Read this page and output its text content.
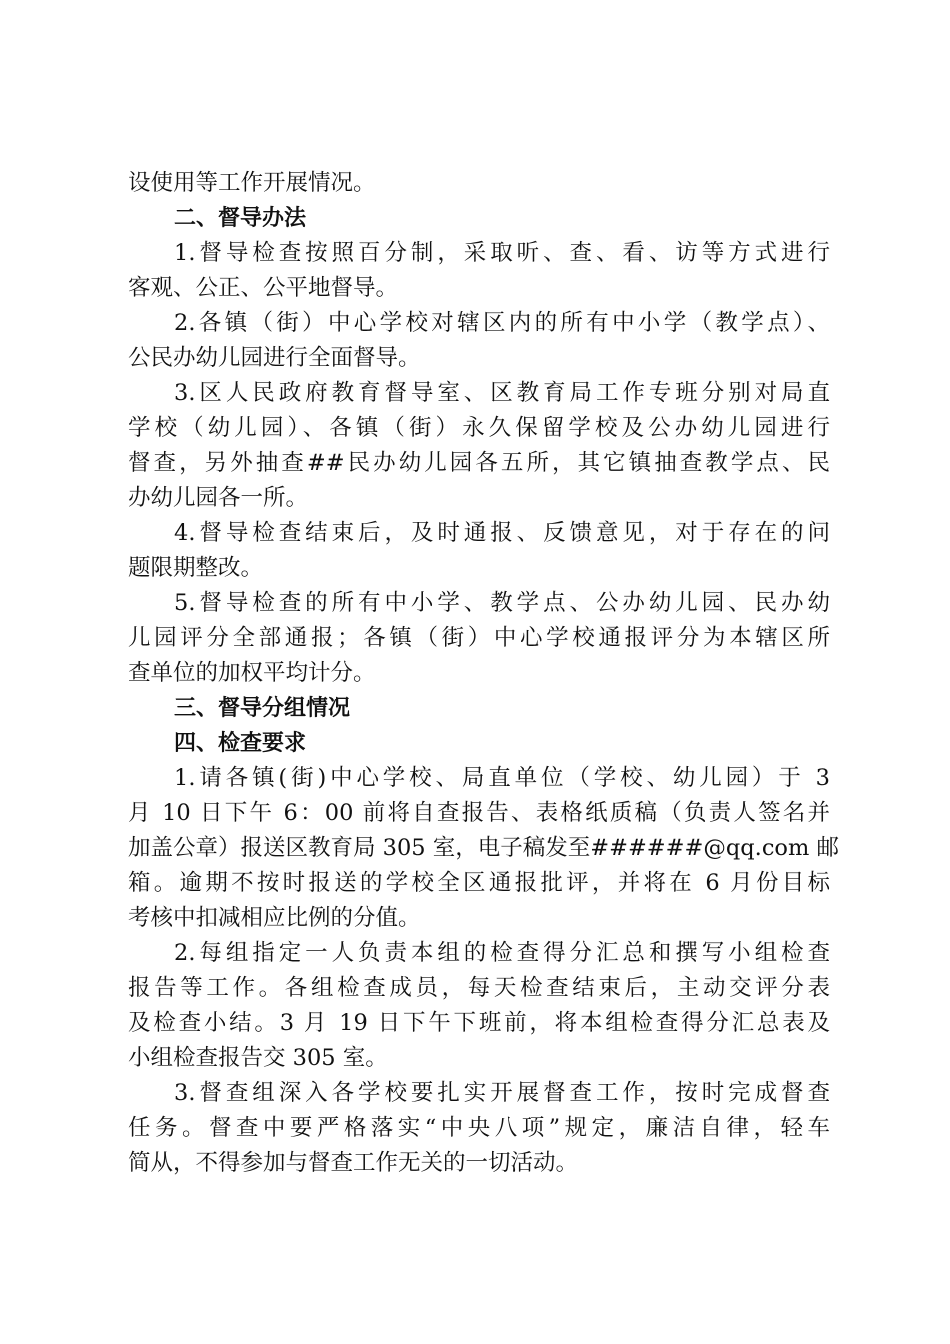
设使用等工作开展情况。
二、督导办法
1.督导检查按照百分制，采取听、查、看、访等方式进行
客观、公正、公平地督导。
2.各镇（街）中心学校对辖区内的所有中小学（教学点）、
公民办幼儿园进行全面督导。
3.区人民政府教育督导室、区教育局工作专班分别对局直
学校（幼儿园）、各镇（街）永久保留学校及公办幼儿园进行
督查，另外抽查##民办幼儿园各五所，其它镇抽查教学点、民
办幼儿园各一所。
4.督导检查结束后，及时通报、反馈意见，对于存在的问
题限期整改。
5.督导检查的所有中小学、教学点、公办幼儿园、民办幼
儿园评分全部通报；各镇（街）中心学校通报评分为本辖区所
查单位的加权平均计分。
三、督导分组情况
四、检查要求
1.请各镇(街)中心学校、局直单位（学校、幼儿园）于 3
月 10 日下午 6：00 前将自查报告、表格纸质稿（负责人签名并
加盖公章）报送区教育局 305 室，电子稿发至######@qq.com 邮
箱。逾期不按时报送的学校全区通报批评，并将在 6 月份目标
考核中扣减相应比例的分值。
2.每组指定一人负责本组的检查得分汇总和撰写小组检查
报告等工作。各组检查成员，每天检查结束后，主动交评分表
及检查小结。3 月 19 日下午下班前，将本组检查得分汇总表及
小组检查报告交 305 室。
3.督查组深入各学校要扎实开展督查工作，按时完成督查
任务。督查中要严格落实“中央八项”规定，廉洁自律，轻车
简从，不得参加与督查工作无关的一切活动。
